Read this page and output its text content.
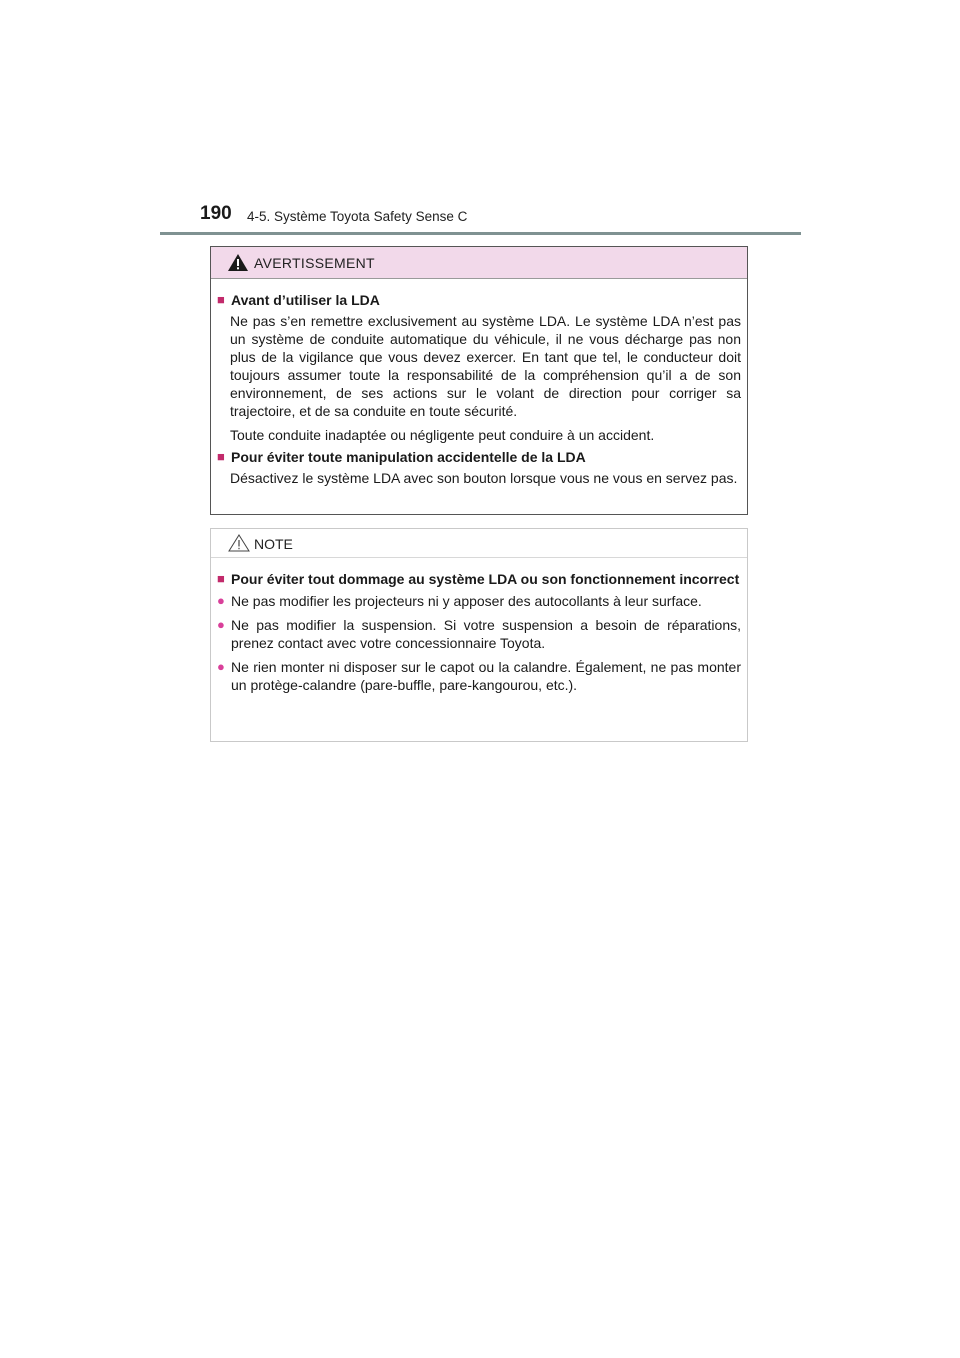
190 4-5. Système Toyota Safety Sense C
AVERTISSEMENT
■ Avant d’utiliser la LDA
Ne pas s’en remettre exclusivement au système LDA. Le système LDA n’est pas un système de conduite automatique du véhicule, il ne vous décharge pas non plus de la vigilance que vous devez exercer. En tant que tel, le conducteur doit toujours assumer toute la responsabilité de la compréhension qu’il a de son environnement, de ses actions sur le volant de direction pour corriger sa trajectoire, et de sa conduite en toute sécurité.
Toute conduite inadaptée ou négligente peut conduire à un accident.
■ Pour éviter toute manipulation accidentelle de la LDA
Désactivez le système LDA avec son bouton lorsque vous ne vous en servez pas.
NOTE
■ Pour éviter tout dommage au système LDA ou son fonctionnement incorrect
● Ne pas modifier les projecteurs ni y apposer des autocollants à leur surface.
● Ne pas modifier la suspension. Si votre suspension a besoin de réparations, prenez contact avec votre concessionnaire Toyota.
● Ne rien monter ni disposer sur le capot ou la calandre. Également, ne pas monter un protège-calandre (pare-buffle, pare-kangourou, etc.).
